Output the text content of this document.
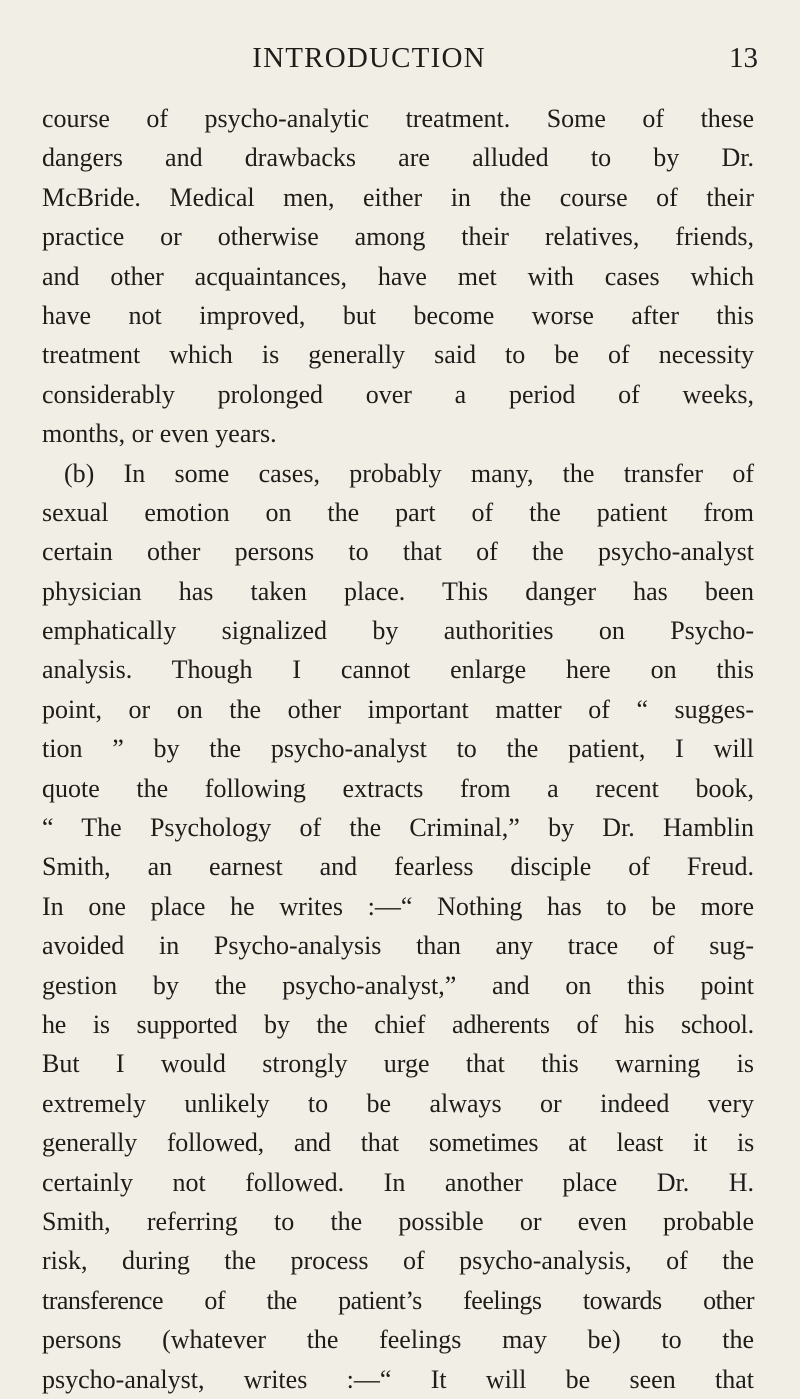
INTRODUCTION	13
course of psycho-analytic treatment. Some of these
dangers and drawbacks are alluded to by Dr.
McBride. Medical men, either in the course of their
practice or otherwise among their relatives, friends,
and other acquaintances, have met with cases which
have not improved, but become worse after this
treatment which is generally said to be of necessity
considerably prolonged over a period of weeks,
months, or even years.
(b) In some cases, probably many, the transfer of
sexual emotion on the part of the patient from
certain other persons to that of the psycho-analyst
physician has taken place. This danger has been
emphatically signalized by authorities on Psycho-
analysis. Though I cannot enlarge here on this
point, or on the other important matter of “ sugges-
tion ” by the psycho-analyst to the patient, I will
quote the following extracts from a recent book,
“ The Psychology of the Criminal,” by Dr. Hamblin
Smith, an earnest and fearless disciple of Freud.
In one place he writes :—“ Nothing has to be more
avoided in Psycho-analysis than any trace of sug-
gestion by the psycho-analyst,” and on this point
he is supported by the chief adherents of his school.
But I would strongly urge that this warning is
extremely unlikely to be always or indeed very
generally followed, and that sometimes at least it is
certainly not followed. In another place Dr. H.
Smith, referring to the possible or even probable
risk, during the process of psycho-analysis, of the
transference of the patient’s feelings towards other
persons (whatever the feelings may be) to the
psycho-analyst, writes :—“ It will be seen that
